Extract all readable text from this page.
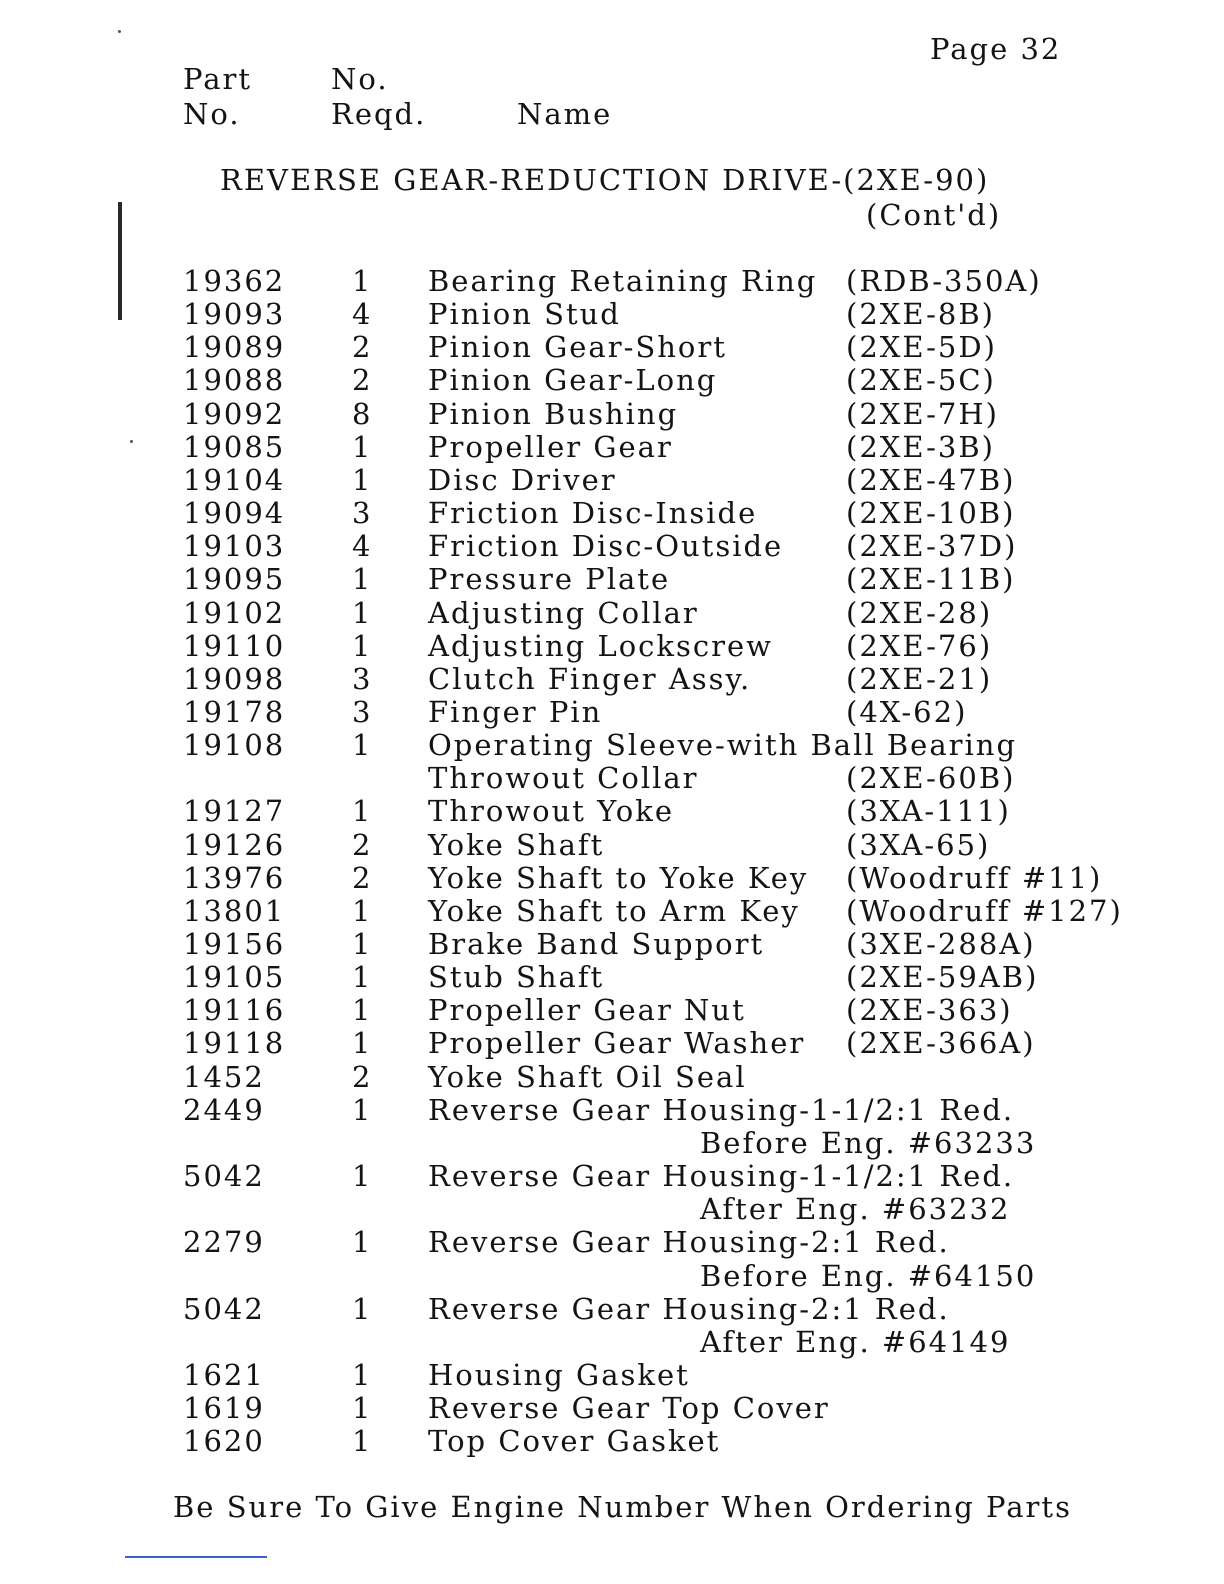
Page 32
Part	No.
No.	Reqd.	Name
REVERSE GEAR-REDUCTION DRIVE-(2XE-90)
(Cont'd)
19362 1 Bearing Retaining Ring (RDB-350A)
19093 4 Pinion Stud	(2XE-8B)
19089 2 Pinion Gear-Short	(2XE-5D)
19088 2 Pinion Gear-Long	(2XE-5C)
19092 8 Pinion Bushing	(2XE-7H)
19085 1 Propeller Gear	(2XE-3B)
19104 1 Disc Driver	(2XE-47B)
19094 3 Friction Disc-Inside	(2XE-10B)
19103 4 Friction Disc-Outside (2XE-37D)
19095 1 Pressure Plate	(2XE-11B)
19102 1 Adjusting Collar	(2XE-28)
19110 1 Adjusting Lockscrew	(2XE-76)
19098 3 Clutch Finger Assy.	(2XE-21)
19178 3 Finger Pin	(4X-62)
19108 1 Operating Sleeve-with Ball Bearing
Throwout Collar	(2XE-60B)
19127 1 Throwout Yoke	(3XA-111)
19126 2 Yoke Shaft	(3XA-65)
13976 2 Yoke Shaft to Yoke Key (Woodruff #11)
13801 1 Yoke Shaft to Arm Key (Woodruff #127)
19156 1 Brake Band Support	(3XE-288A)
19105 1 Stub Shaft	(2XE-59AB)
19116 1 Propeller Gear Nut	(2XE-363)
19118 1 Propeller Gear Washer (2XE-366A)
1452	2 Yoke Shaft Oil Seal
2449	1 Reverse Gear Housing-1-1/2:1 Red.
Before Eng. #63233
5042	1 Reverse Gear Housing-1-1/2:1 Red.
After Eng. #63232
2279	1 Reverse Gear Housing-2:1 Red.
Before Eng. #64150
5042	1 Reverse Gear Housing-2:1 Red.
After Eng. #64149
1621	1 Housing Gasket
1619	1 Reverse Gear Top Cover
1620	1 Top Cover Gasket
Be Sure To Give Engine Number When Ordering Parts
